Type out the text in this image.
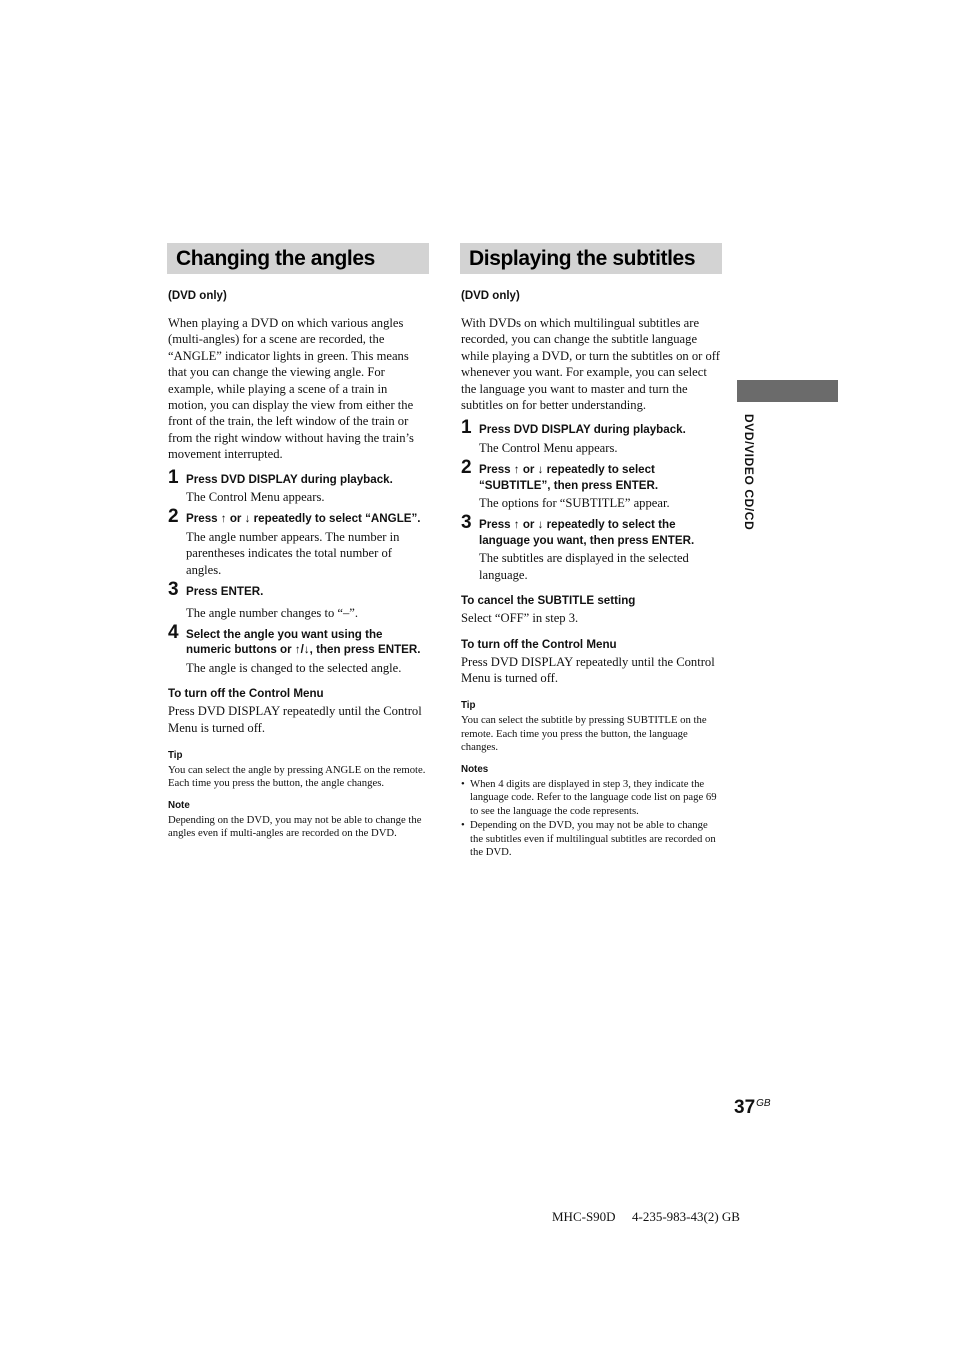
Changing the angles
(DVD only)

When playing a DVD on which various angles (multi-angles) for a scene are recorded, the “ANGLE” indicator lights in green. This means that you can change the viewing angle. For example, while playing a scene of a train in motion, you can display the view from either the front of the train, the left window of the train or from the right window without having the train’s movement interrupted.

1 Press DVD DISPLAY during playback.

The Control Menu appears.

2 Press ↑ or ↓ repeatedly to select “ANGLE”.

The angle number appears. The number in parentheses indicates the total number of angles.

3 Press ENTER.

The angle number changes to “–”.

4 Select the angle you want using the numeric buttons or ↑/↓, then press ENTER.

The angle is changed to the selected angle.

To turn off the Control Menu

Press DVD DISPLAY repeatedly until the Control Menu is turned off.

Tip

You can select the angle by pressing ANGLE on the remote. Each time you press the button, the angle changes.

Note

Depending on the DVD, you may not be able to change the angles even if multi-angles are recorded on the DVD.

Displaying the subtitles
(DVD only)

With DVDs on which multilingual subtitles are recorded, you can change the subtitle language while playing a DVD, or turn the subtitles on or off whenever you want. For example, you can select the language you want to master and turn the subtitles on for better understanding.

1 Press DVD DISPLAY during playback.

The Control Menu appears.

2 Press ↑ or ↓ repeatedly to select “SUBTITLE”, then press ENTER.

The options for “SUBTITLE” appear.

3 Press ↑ or ↓ repeatedly to select the language you want, then press ENTER.

The subtitles are displayed in the selected language.

To cancel the SUBTITLE setting

Select “OFF” in step 3.

To turn off the Control Menu

Press DVD DISPLAY repeatedly until the Control Menu is turned off.

Tip

You can select the subtitle by pressing SUBTITLE on the remote. Each time you press the button, the language changes.

Notes
• When 4 digits are displayed in step 3, they indicate the language code. Refer to the language code list on page 69 to see the language the code represents.
• Depending on the DVD, you may not be able to change the subtitles even if multilingual subtitles are recorded on the DVD.
DVD/VIDEO CD/CD
$37^{GB}$
MHC-S90D 4-235-983-43(2) GB
